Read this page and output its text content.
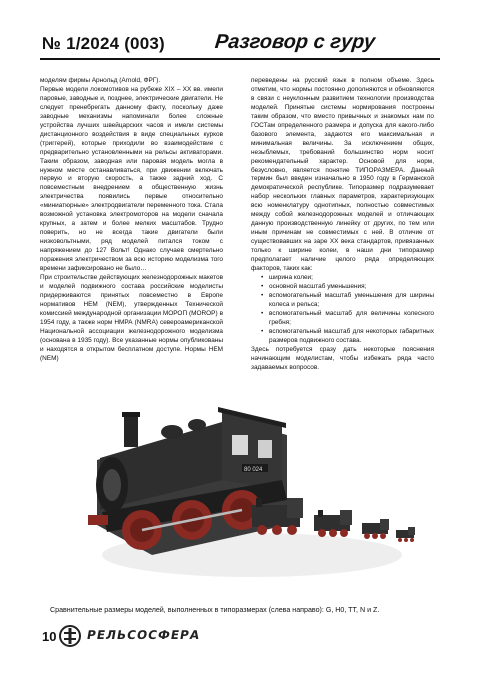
№ 1/2024 (003) Разговор с гуру

моделям фирмы Арнольд (Arnold, ФРГ).

Первые модели локомотивов на рубеже XIX – XX вв. имели паровые, заводные и, позднее, электрические двигатели. Не следует пренебрегать данному факту, поскольку даже заводные механизмы напоминали более сложные устройства лучших швейцарских часов и имели системы дистанционного воздействия в виде специальных курков (триггерей), которые приходили во взаимодействие с предварительно установленными на рельсы активаторами. Таким образом, заводная или паровая модель могла в нужном месте останавливаться, при движении включать первую и вторую скорость, а также задний ход. С повсеместным внедрением в общественную жизнь электричества появились первые относительно «миниатюрные» электродвигатели переменного тока. Стала возможной установка электромоторов на модели сначала крупных, а затем и более мелких масштабов. Трудно поверить, но не всегда такие двигатели были низковольтными, ряд моделей питался током с напряжением до 127 Вольт! Однако случаев смертельно поражения электричеством за всю историю моделизма того времени зафиксировано не было…

При строительстве действующих железнодорожных макетов и моделей подвижного состава российские моделисты придерживаются принятых повсеместно в Европе нормативов НЕМ (NEM), утвержденных Технической комиссией международной организации МОРОП (MOROP) в 1954 году, а также норм НМРА (NMRA) североамериканской Национальной ассоциации железнодорожного моделизма (основана в 1935 году). Все указанные нормы опубликованы и находятся в открытом бесплатном доступе. Нормы НЕМ (NEM)

переведены на русский язык в полном объеме. Здесь отметим, что нормы постоянно дополняются и обновляются в связи с неуклонным развитием технологии производства моделей. Принятые системы нормирования построены таким образом, что вместо привычных и знакомых нам по ГОСТам определенного размера и допуска для какого-либо базового элемента, задаются его максимальная и минимальная величины. За исключением общих, незыблемых, требований большинство норм носит рекомендательный характер. Основой для норм, безусловно, является понятие ТИПОРАЗМЕРА. Данный термин был введен изначально в 1950 году в Германской демократической республике. Типоразмер подразумевает набор нескольких главных параметров, характеризующих всю номенклатуру однотипных, полностью совместимых между собой железнодорожных моделей и отличающих данную производственную линейку от других, по тем или иным причинам не совместимых с ней. В отличие от существовавших на заре XX века стандартов, привязанных только к ширине колеи, в наши дни типоразмер предполагает наличие целого ряда определяющих факторов, таких как:

• ширина колеи;
• основной масштаб уменьшения;
• вспомогательный масштаб уменьшения для ширины колеса и рельса;
• вспомогательный масштаб для величины колесного гребня;
• вспомогательный масштаб для некоторых габаритных размеров подвижного состава.

Здесь потребуется сразу дать некоторые пояснения начинающим моделистам, чтобы избежать ряда часто задаваемых вопросов.

80 024
Сравнительные размеры моделей, выполненных в типоразмерах (слева направо): G, H0, TT, N и Z.
10 РЕЛЬСОСФЕРА
